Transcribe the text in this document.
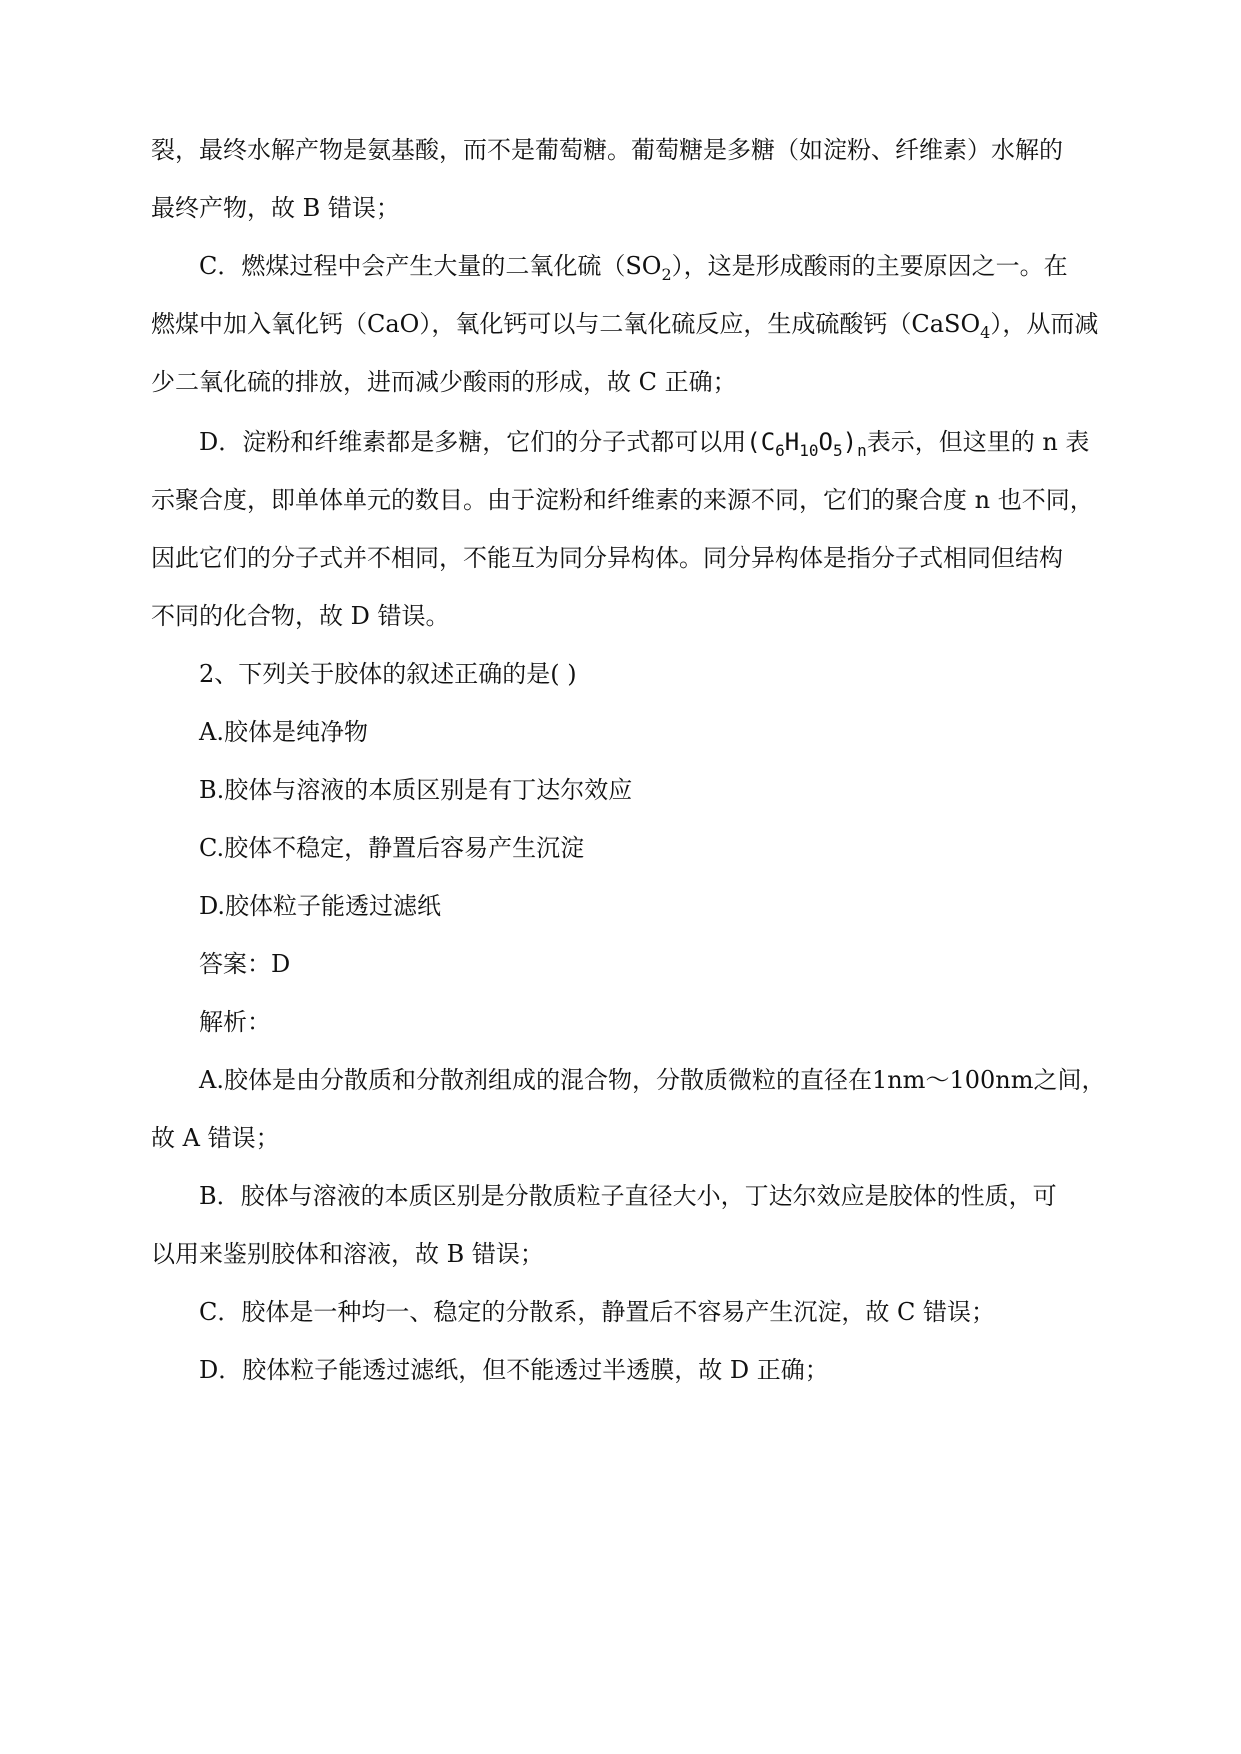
裂，最终水解产物是氨基酸，而不是葡萄糖。葡萄糖是多糖（如淀粉、纤维素）水解的
最终产物，故 B 错误；
C．燃煤过程中会产生大量的二氧化硫$(SO_2)$，这是形成酸雨的主要原因之一。在
燃煤中加入氧化钙（CaO），氧化钙可以与二氧化硫反应，生成硫酸钙（CaSO$_4$），从而减
少二氧化硫的排放，进而减少酸雨的形成，故 C 正确；
D．淀粉和纤维素都是多糖，它们的分子式都可以用$(C_6H_{10}O_5)_n$表示，但这里的 n 表
示聚合度，即单体单元的数目。由于淀粉和纤维素的来源不同，它们的聚合度 n 也不同，
因此它们的分子式并不相同，不能互为同分异构体。同分异构体是指分子式相同但结构
不同的化合物，故 D 错误。
2、下列关于胶体的叙述正确的是( )
A.胶体是纯净物
B.胶体与溶液的本质区别是有丁达尔效应
C.胶体不稳定，静置后容易产生沉淀
D.胶体粒子能透过滤纸
答案：D
解析：
A.胶体是由分散质和分散剂组成的混合物，分散质微粒的直径在1nm～100nm之间，
故 A 错误；
B．胶体与溶液的本质区别是分散质粒子直径大小，丁达尔效应是胶体的性质，可
以用来鉴别胶体和溶液，故 B 错误；
C．胶体是一种均一、稳定的分散系，静置后不容易产生沉淀，故 C 错误；
D．胶体粒子能透过滤纸，但不能透过半透膜，故 D 正确；
